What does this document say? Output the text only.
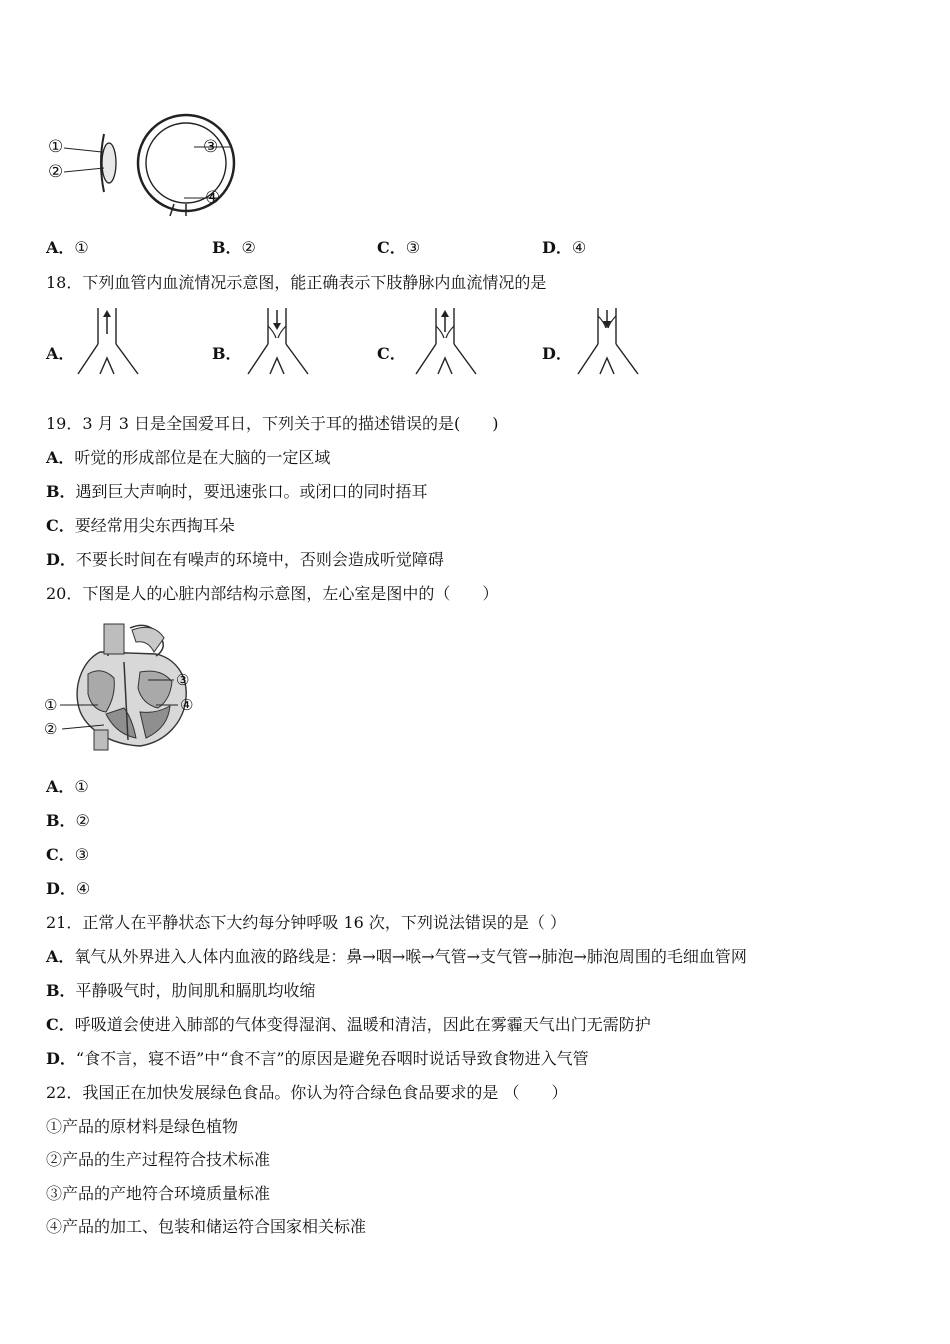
①
②
③
④
A．①	B．②	C．③	D．④
18．下列血管内血流情况示意图，能正确表示下肢静脉内血流情况的是
A．	B．	C．	D．
19．3 月 3 日是全国爱耳日，下列关于耳的描述错误的是(　　)
A．听觉的形成部位是在大脑的一定区域
B．遇到巨大声响时，要迅速张口。或闭口的同时捂耳
C．要经常用尖东西掏耳朵
D．不要长时间在有噪声的环境中，否则会造成听觉障碍
20．下图是人的心脏内部结构示意图，左心室是图中的（　　）
①
②
③
④
A．①
B．②
C．③
D．④
21．正常人在平静状态下大约每分钟呼吸 16 次，下列说法错误的是（ ）
A．氧气从外界进入人体内血液的路线是：鼻→咽→喉→气管→支气管→肺泡→肺泡周围的毛细血管网
B．平静吸气时，肋间肌和膈肌均收缩
C．呼吸道会使进入肺部的气体变得湿润、温暖和清洁，因此在雾霾天气出门无需防护
D．“食不言，寝不语”中“食不言”的原因是避免吞咽时说话导致食物进入气管
22．我国正在加快发展绿色食品。你认为符合绿色食品要求的是 （　　）
①产品的原材料是绿色植物
②产品的生产过程符合技术标准
③产品的产地符合环境质量标准
④产品的加工、包装和储运符合国家相关标准
